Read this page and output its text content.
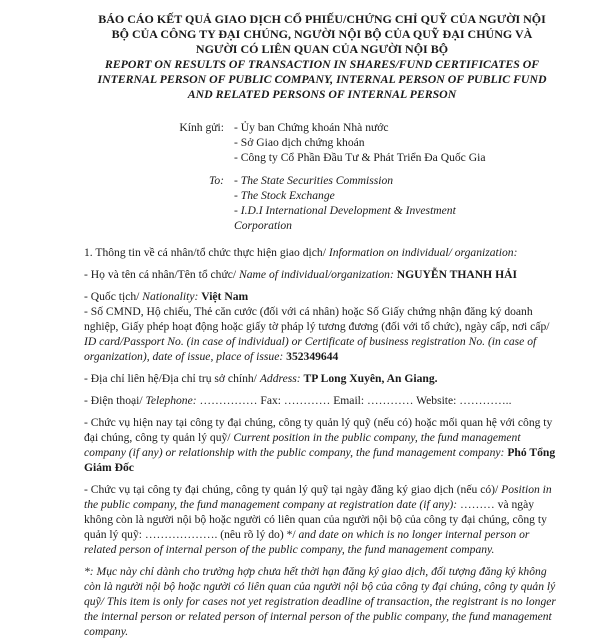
BÁO CÁO KẾT QUẢ GIAO DỊCH CỔ PHIẾU/CHỨNG CHỈ QUỸ CỦA NGƯỜI NỘI
BỘ CỦA CÔNG TY ĐẠI CHÚNG, NGƯỜI NỘI BỘ CỦA QUỸ ĐẠI CHÚNG VÀ
NGƯỜI CÓ LIÊN QUAN CỦA NGƯỜI NỘI BỘ
REPORT ON RESULTS OF TRANSACTION IN SHARES/FUND CERTIFICATES OF
INTERNAL PERSON OF PUBLIC COMPANY, INTERNAL PERSON OF PUBLIC FUND
AND RELATED PERSONS OF INTERNAL PERSON
Kính gửi: - Ủy ban Chứng khoán Nhà nước
- Sở Giao dịch chứng khoán
- Công ty Cổ Phần Đầu Tư & Phát Triển Đa Quốc Gia
To: - The State Securities Commission
- The Stock Exchange
- I.D.I International Development & Investment
Corporation

1. Thông tin về cá nhân/tổ chức thực hiện giao dịch/ Information on individual/ organization:

- Họ và tên cá nhân/Tên tổ chức/ Name of individual/organization: NGUYỄN THANH HẢI

- Quốc tịch/ Nationality: Việt Nam

- Số CMND, Hộ chiếu, Thẻ căn cước (đối với cá nhân) hoặc Số Giấy chứng nhận đăng ký doanh nghiệp, Giấy phép hoạt động hoặc giấy tờ pháp lý tương đương (đối với tổ chức), ngày cấp, nơi cấp/ ID card/Passport No. (in case of individual) or Certificate of business registration No. (in case of organization), date of issue, place of issue: 352349644

- Địa chỉ liên hệ/Địa chỉ trụ sở chính/ Address: TP Long Xuyên, An Giang.

- Điện thoại/ Telephone: …………… Fax: ………… Email: ………… Website: …………..

- Chức vụ hiện nay tại công ty đại chúng, công ty quản lý quỹ (nếu có) hoặc mối quan hệ với công ty đại chúng, công ty quản lý quỹ/ Current position in the public company, the fund management company (if any) or relationship with the public company, the fund management company: Phó Tổng Giám Đốc

- Chức vụ tại công ty đại chúng, công ty quản lý quỹ tại ngày đăng ký giao dịch (nếu có)/ Position in the public company, the fund management company at registration date (if any): ……… và ngày không còn là người nội bộ hoặc người có liên quan của người nội bộ của công ty đại chúng, công ty quản lý quỹ: ………………. (nêu rõ lý do) */ and date on which is no longer internal person or related person of internal person of the public company, the fund management company.

*: Mục này chỉ dành cho trường hợp chưa hết thời hạn đăng ký giao dịch, đối tượng đăng ký không còn là người nội bộ hoặc người có liên quan của người nội bộ của công ty đại chúng, công ty quản lý quỹ/ This item is only for cases not yet registration deadline of transaction, the registrant is no longer the internal person or related person of internal person of the public company, the fund management company.
